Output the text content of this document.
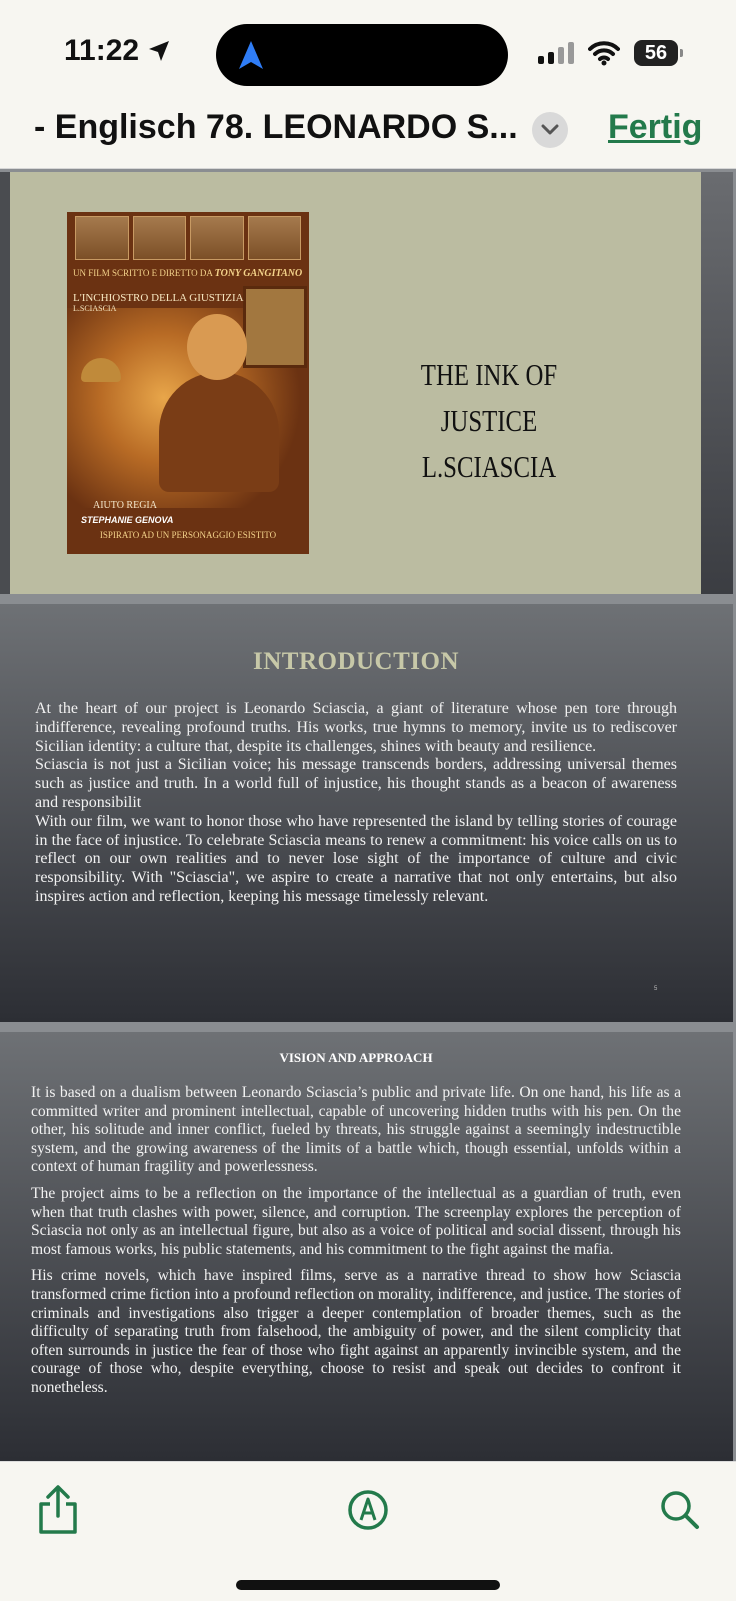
11:22	56
- Englisch 78. LEONARDO S...	Fertig
UN FILM SCRITTO E DIRETTO DA TONY GANGITANO
L'INCHIOSTRO DELLA GIUSTIZIA
L.SCIASCIA
AIUTO REGIA
STEPHANIE GENOVA
ISPIRATO AD UN PERSONAGGIO ESISTITO
THE INK OF JUSTICE
L.SCIASCIA
INTRODUCTION

At the heart of our project is Leonardo Sciascia, a giant of literature whose pen tore through indifference, revealing profound truths. His works, true hymns to memory, invite us to rediscover Sicilian identity: a culture that, despite its challenges, shines with beauty and resilience.

Sciascia is not just a Sicilian voice; his message transcends borders, addressing universal themes such as justice and truth. In a world full of injustice, his thought stands as a beacon of awareness and responsibilit

With our film, we want to honor those who have represented the island by telling stories of courage in the face of injustice. To celebrate Sciascia means to renew a commitment: his voice calls on us to reflect on our own realities and to never lose sight of the importance of culture and civic responsibility. With "Sciascia", we aspire to create a narrative that not only entertains, but also inspires action and reflection, keeping his message timelessly relevant.

5
VISION AND APPROACH

It is based on a dualism between Leonardo Sciascia’s public and private life. On one hand, his life as a committed writer and prominent intellectual, capable of uncovering hidden truths with his pen. On the other, his solitude and inner conflict, fueled by threats, his struggle against a seemingly indestructible system, and the growing awareness of the limits of a battle which, though essential, unfolds within a context of human fragility and powerlessness.

The project aims to be a reflection on the importance of the intellectual as a guardian of truth, even when that truth clashes with power, silence, and corruption. The screenplay explores the perception of Sciascia not only as an intellectual figure, but also as a voice of political and social dissent, through his most famous works, his public statements, and his commitment to the fight against the mafia.

His crime novels, which have inspired films, serve as a narrative thread to show how Sciascia transformed crime fiction into a profound reflection on morality, indifference, and justice. The stories of criminals and investigations also trigger a deeper contemplation of broader themes, such as the difficulty of separating truth from falsehood, the ambiguity of power, and the silent complicity that often surrounds in justice the fear of those who fight against an apparently invincible system, and the courage of those who, despite everything, choose to resist and speak out decides to confront it nonetheless.
